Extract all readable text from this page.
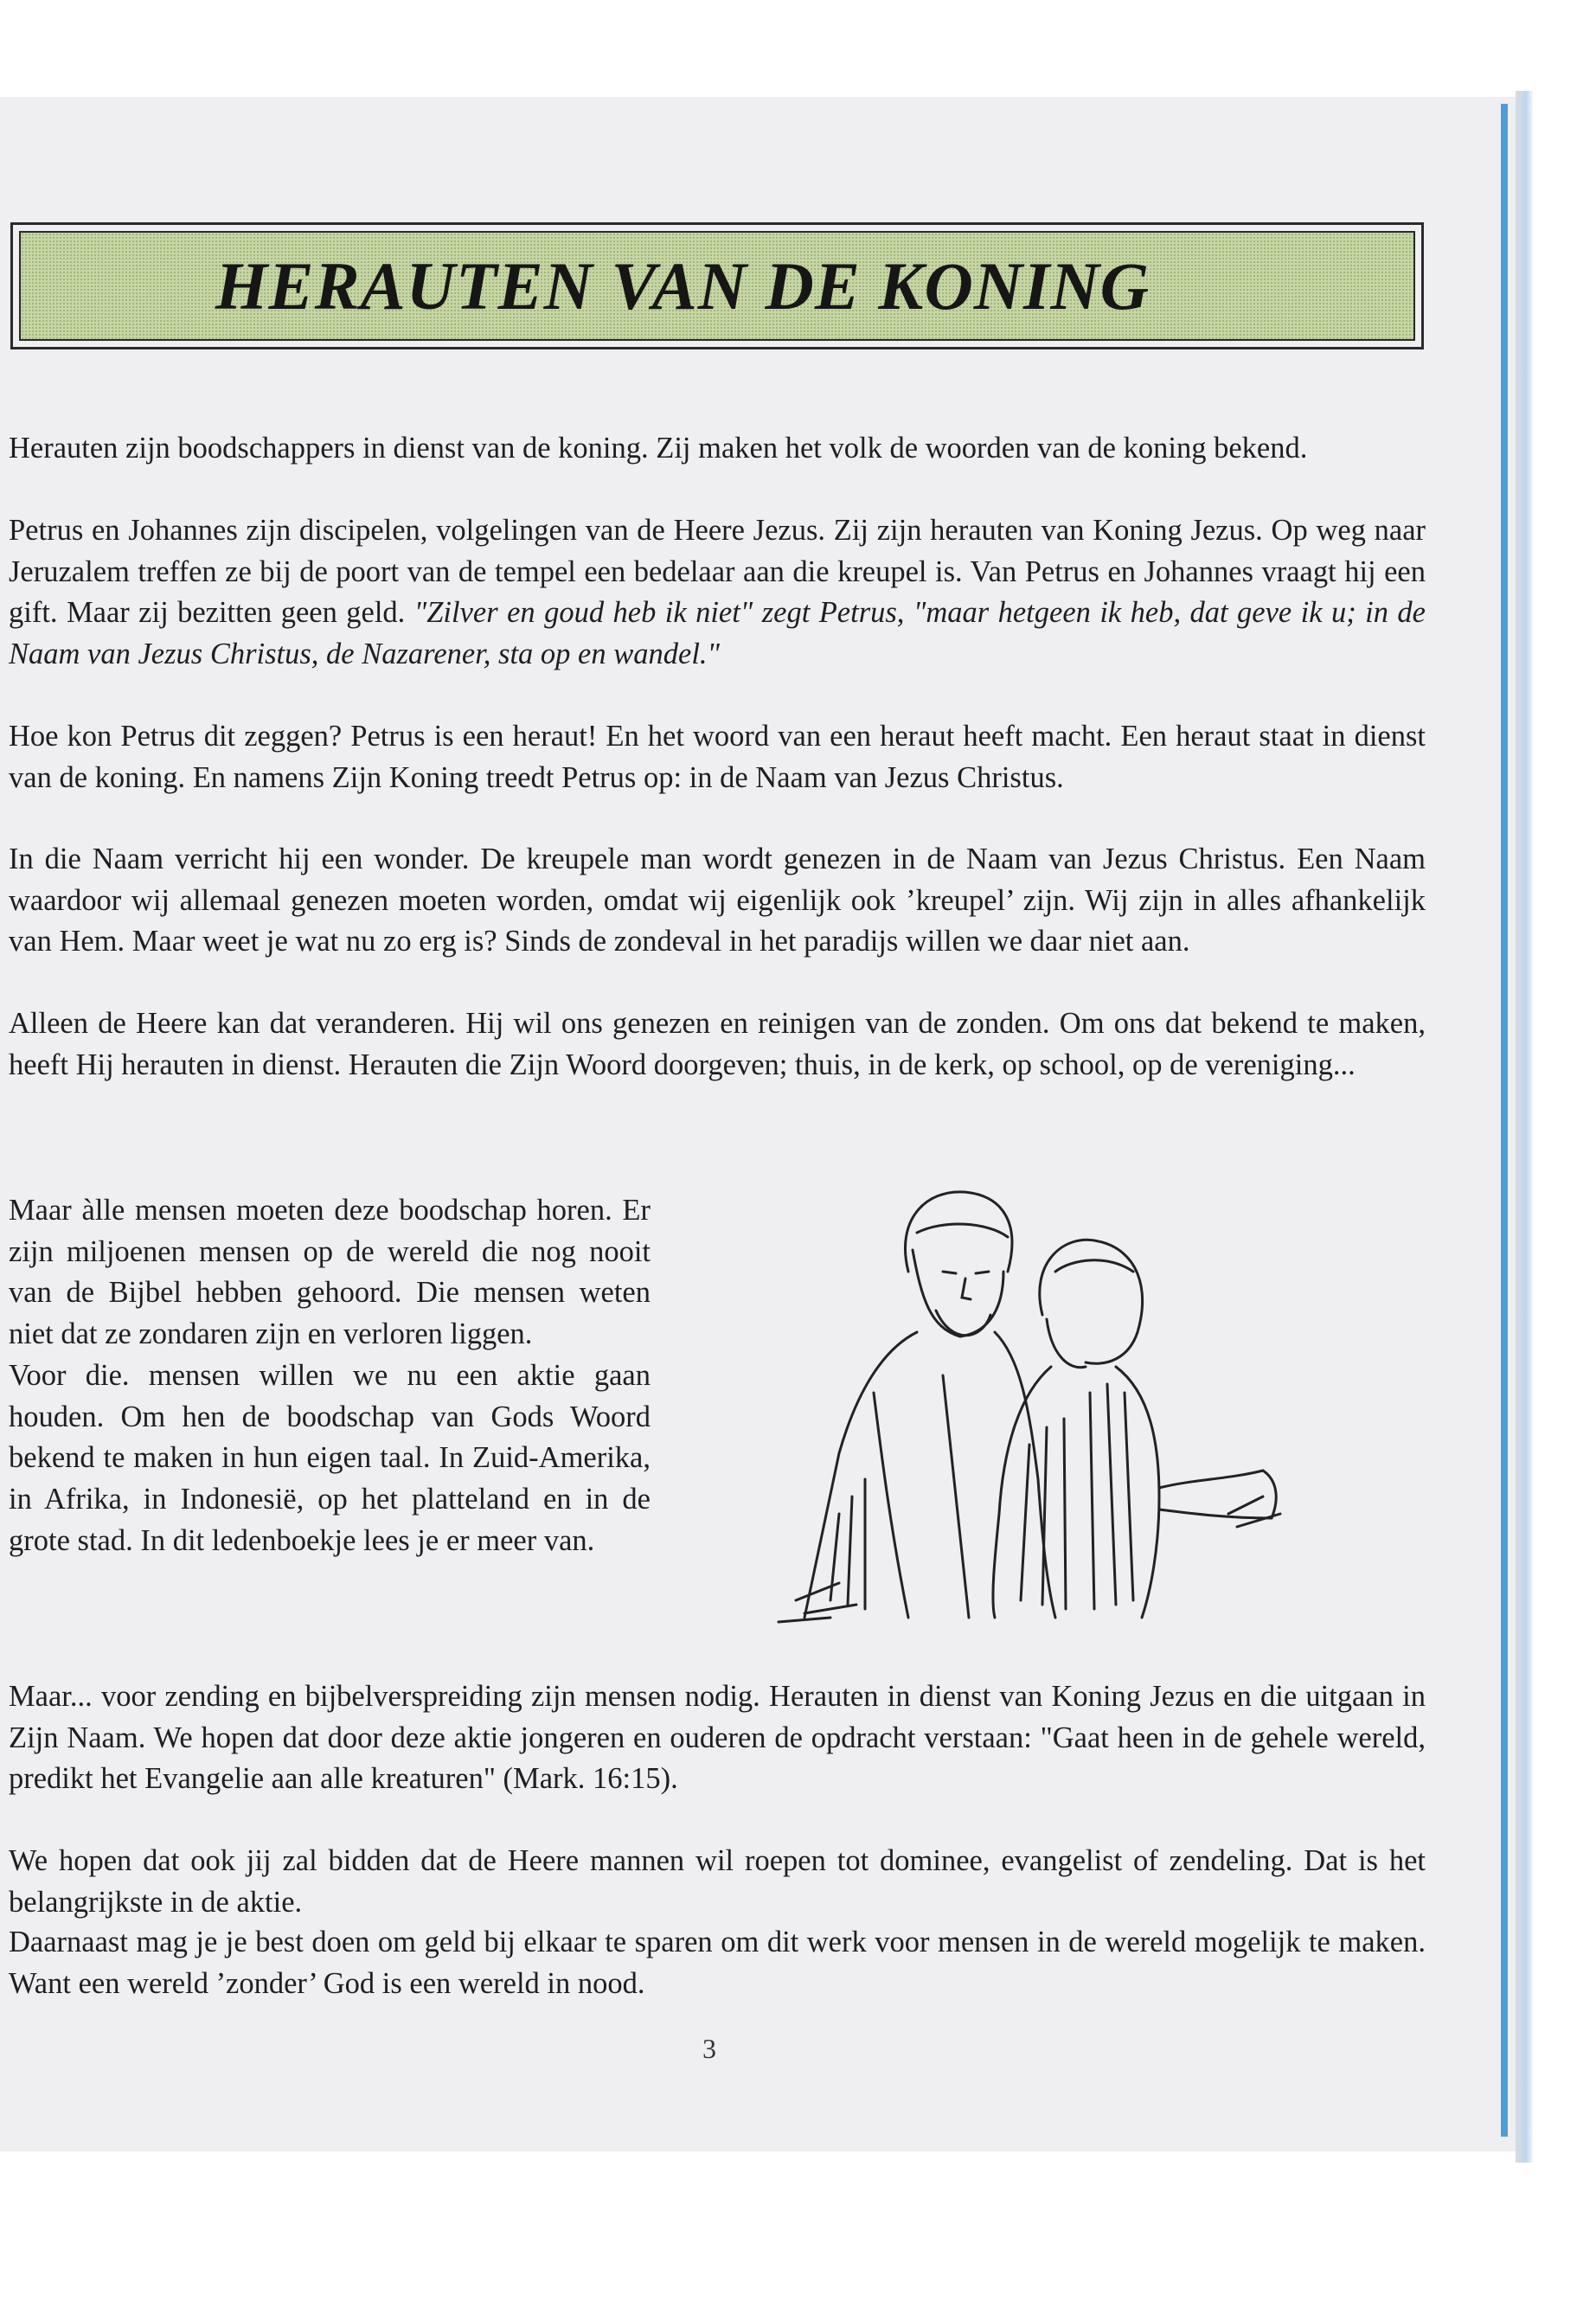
HERAUTEN VAN DE KONING

Herauten zijn boodschappers in dienst van de koning. Zij maken het volk de woorden van de koning bekend.

Petrus en Johannes zijn discipelen, volgelingen van de Heere Jezus. Zij zijn herauten van Koning Jezus. Op weg naar Jeruzalem treffen ze bij de poort van de tempel een bedelaar aan die kreupel is. Van Petrus en Johannes vraagt hij een gift. Maar zij bezitten geen geld. "Zilver en goud heb ik niet" zegt Petrus, "maar hetgeen ik heb, dat geve ik u; in de Naam van Jezus Christus, de Nazarener, sta op en wandel."

Hoe kon Petrus dit zeggen? Petrus is een heraut! En het woord van een heraut heeft macht. Een heraut staat in dienst van de koning. En namens Zijn Koning treedt Petrus op: in de Naam van Jezus Christus.

In die Naam verricht hij een wonder. De kreupele man wordt genezen in de Naam van Jezus Christus. Een Naam waardoor wij allemaal genezen moeten worden, omdat wij eigenlijk ook ’kreupel’ zijn. Wij zijn in alles afhankelijk van Hem. Maar weet je wat nu zo erg is? Sinds de zondeval in het paradijs willen we daar niet aan.

Alleen de Heere kan dat veranderen. Hij wil ons genezen en reinigen van de zonden. Om ons dat bekend te maken, heeft Hij herauten in dienst. Herauten die Zijn Woord doorgeven; thuis, in de kerk, op school, op de vereniging...

Maar àlle mensen moeten deze boodschap horen. Er zijn miljoenen mensen op de wereld die nog nooit van de Bijbel hebben gehoord. Die mensen weten niet dat ze zondaren zijn en verloren liggen.
Voor die. mensen willen we nu een aktie gaan houden. Om hen de boodschap van Gods Woord bekend te maken in hun eigen taal. In Zuid-Amerika, in Afrika, in Indonesië, op het platteland en in de grote stad. In dit ledenboekje lees je er meer van.

Maar... voor zending en bijbelverspreiding zijn mensen nodig. Herauten in dienst van Koning Jezus en die uitgaan in Zijn Naam. We hopen dat door deze aktie jongeren en ouderen de opdracht verstaan: "Gaat heen in de gehele wereld, predikt het Evangelie aan alle kreaturen" (Mark. 16:15).

We hopen dat ook jij zal bidden dat de Heere mannen wil roepen tot dominee, evangelist of zendeling. Dat is het belangrijkste in de aktie.

Daarnaast mag je je best doen om geld bij elkaar te sparen om dit werk voor mensen in de wereld mogelijk te maken. Want een wereld ’zonder’ God is een wereld in nood.

3
